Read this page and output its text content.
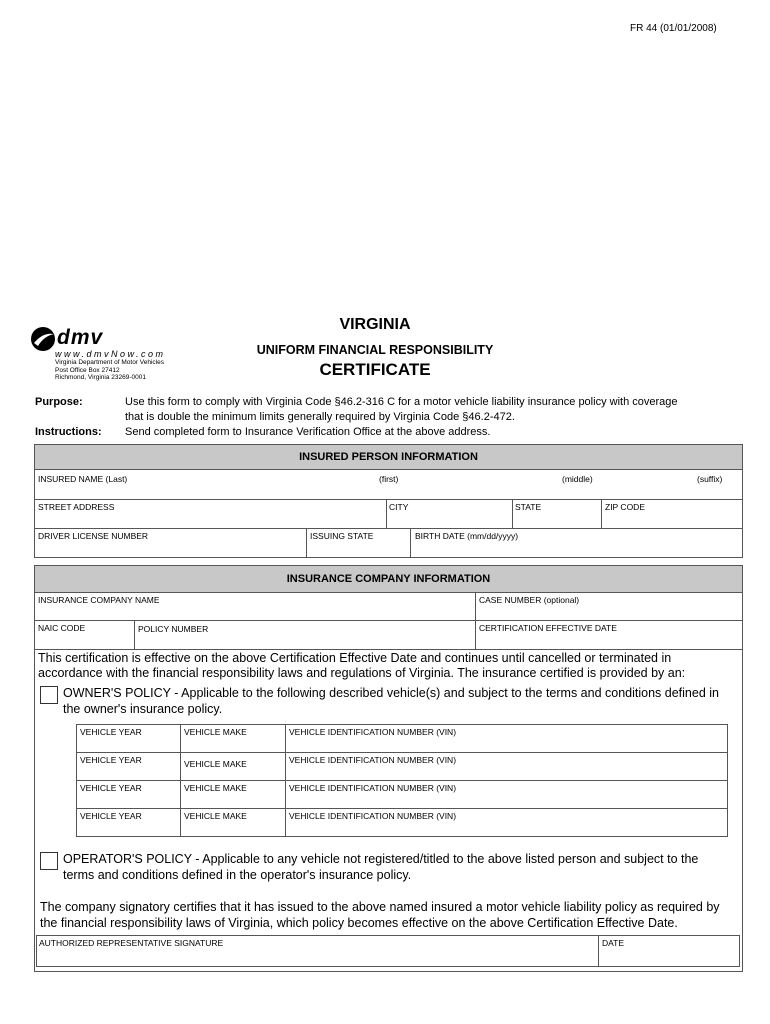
FR 44 (01/01/2008)
dmv
www.dmvNow.com
Virginia Department of Motor Vehicles
Post Office Box 27412
Richmond, Virginia 23269-0001
VIRGINIA
UNIFORM FINANCIAL RESPONSIBILITY
CERTIFICATE
Purpose:	Use this form to comply with Virginia Code §46.2-316 C for a motor vehicle liability insurance policy with coverage
that is double the minimum limits generally required by Virginia Code §46.2-472.
Instructions: Send completed form to Insurance Verification Office at the above address.
INSURED PERSON INFORMATION
INSURED NAME (Last)	(first)	(middle)	(suffix)
STREET ADDRESS	CITY	STATE	ZIP CODE
DRIVER LICENSE NUMBER	ISSUING STATE	BIRTH DATE (mm/dd/yyyy)
INSURANCE COMPANY INFORMATION
INSURANCE COMPANY NAME	CASE NUMBER (optional)
NAIC CODE	POLICY NUMBER	CERTIFICATION EFFECTIVE DATE
This certification is effective on the above Certification Effective Date and continues until cancelled or terminated in
accordance with the financial responsibility laws and regulations of Virginia. The insurance certified is provided by an:
OWNER'S POLICY - Applicable to the following described vehicle(s) and subject to the terms and conditions defined in
the owner's insurance policy.
VEHICLE YEAR	VEHICLE MAKE	VEHICLE IDENTIFICATION NUMBER (VIN)
VEHICLE YEAR	VEHICLE MAKE	VEHICLE IDENTIFICATION NUMBER (VIN)
VEHICLE YEAR	VEHICLE MAKE	VEHICLE IDENTIFICATION NUMBER (VIN)
VEHICLE YEAR	VEHICLE MAKE	VEHICLE IDENTIFICATION NUMBER (VIN)
OPERATOR'S POLICY - Applicable to any vehicle not registered/titled to the above listed person and subject to the
terms and conditions defined in the operator's insurance policy.
The company signatory certifies that it has issued to the above named insured a motor vehicle liability policy as required by
the financial responsibility laws of Virginia, which policy becomes effective on the above Certification Effective Date.
AUTHORIZED REPRESENTATIVE SIGNATURE	DATE
